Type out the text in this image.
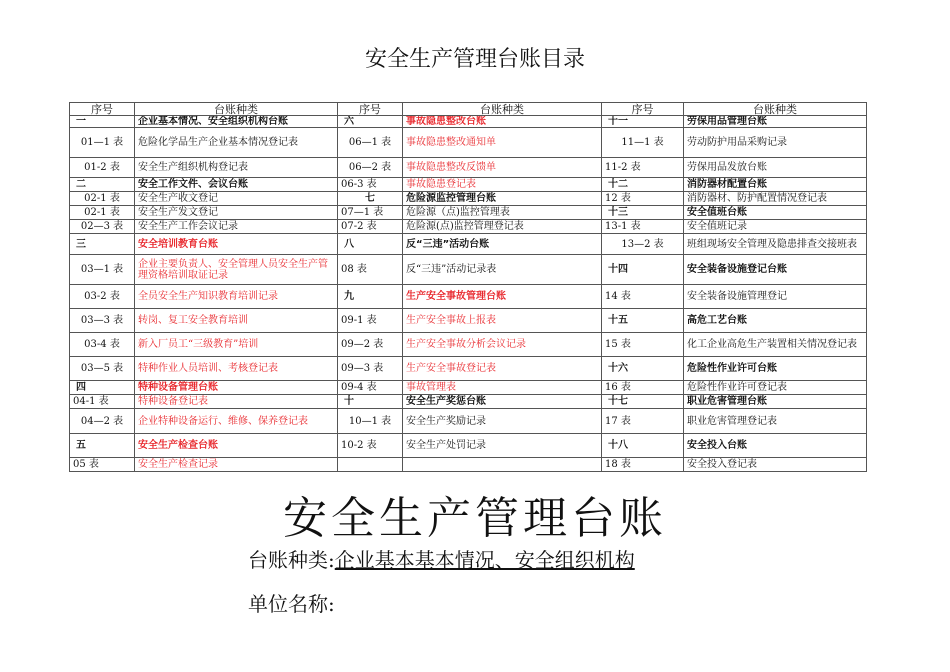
安全生产管理台账目录
序号	台账种类	序号	台账种类	序号	台账种类
一	企业基本情况、安全组织机构台账	六	事故隐患整改台账	十一	劳保用品管理台账
01—1 表	危险化学品生产企业基本情况登记表	06—1 表	事故隐患整改通知单	11—1 表	劳动防护用品采购记录
01-2 表	安全生产组织机构登记表	06—2 表	事故隐患整改反馈单	11-2 表	劳保用品发放台账
二	安全工作文件、会议台账	06-3 表	事故隐患登记表	十二	消防器材配置台账
02-1 表	安全生产收文登记	七	危险源监控管理台账	12 表	消防器材、防护配置情况登记表
02-1 表	安全生产发文登记	07—1 表	危险源（点)监控管理表	十三	安全值班台账
02—3 表	安全生产工作会议记录	07-2 表	危险源(点)监控管理登记表	13-1 表	安全值班记录
三	安全培训教育台账	八	反“三违”活动台账	13—2 表	班组现场安全管理及隐患排查交接班表
03—1 表	企业主要负责人、安全管理人员安全生产管理资格培训取证记录	08 表	反“三违”活动记录表	十四	安全装备设施登记台账
03-2 表	全员安全生产知识教育培训记录	九	生产安全事故管理台账	14 表	安全装备设施管理登记
03—3 表	转岗、复工安全教育培训	09-1 表	生产安全事故上报表	十五	高危工艺台账
03-4 表	新入厂员工“三级教育”培训	09—2 表	生产安全事故分析会议记录	15 表	化工企业高危生产装置相关情况登记表
03—5 表	特种作业人员培训、考核登记表	09—3 表	生产安全事故登记表	十六	危险性作业许可台账
四	特种设备管理台账	09-4 表	事故管理表	16 表	危险性作业许可登记表
04-1 表	特种设备登记表	十	安全生产奖惩台账	十七	职业危害管理台账
04—2 表	企业特种设备运行、维修、保养登记表	10—1 表	安全生产奖励记录	17 表	职业危害管理登记表
五	安全生产检查台账	10-2 表	安全生产处罚记录	十八	安全投入台账
05 表	安全生产检查记录			18 表	安全投入登记表
安全生产管理台账
台账种类:企业基本基本情况、安全组织机构
单位名称:
